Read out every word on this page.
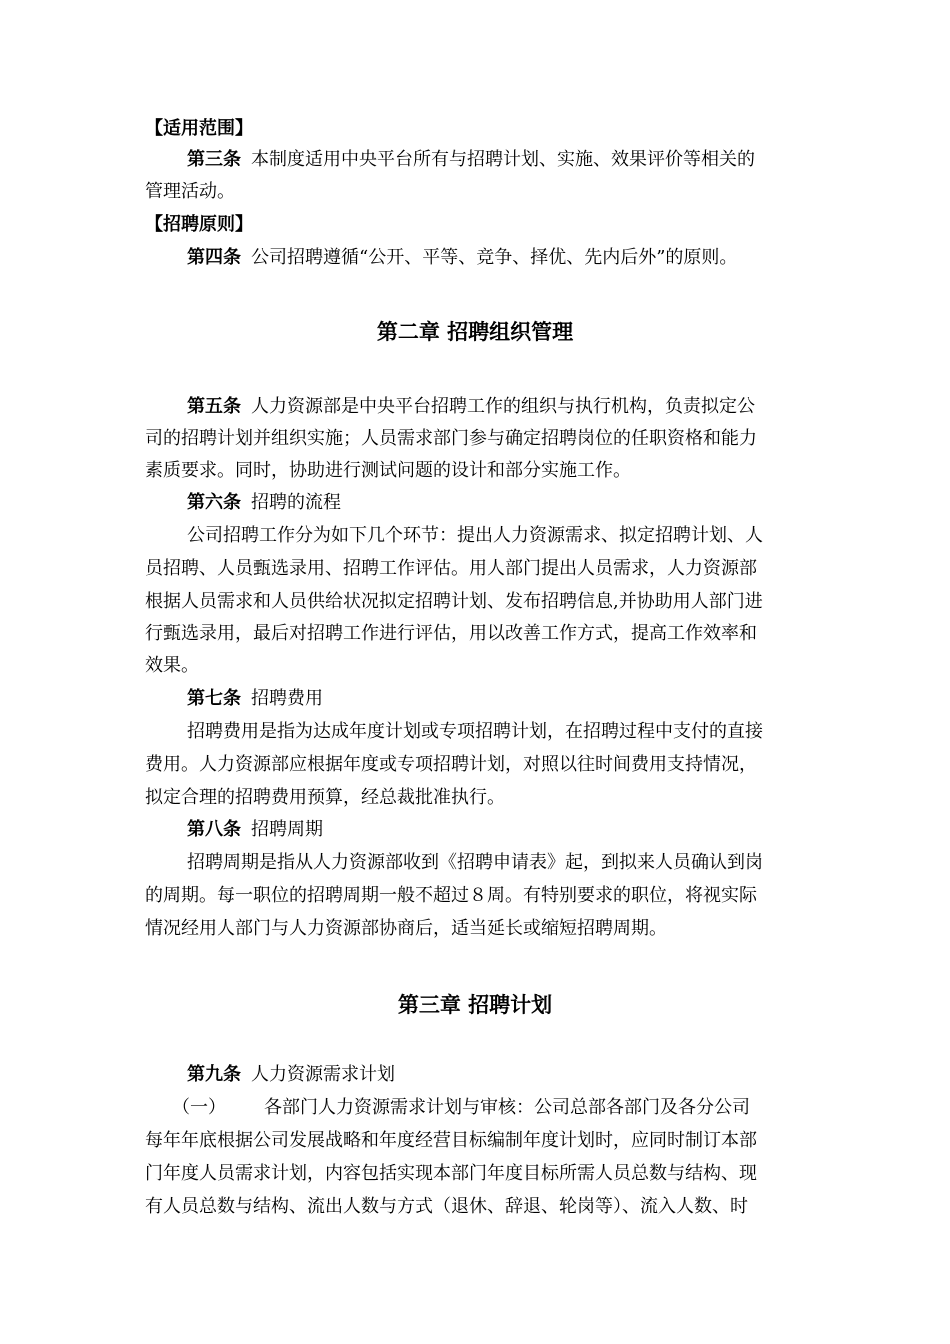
【适用范围】
第三条 本制度适用中央平台所有与招聘计划、实施、效果评价等相关的
管理活动。
【招聘原则】
第四条 公司招聘遵循“公开、平等、竞争、择优、先内后外”的原则。
第二章 招聘组织管理
第五条 人力资源部是中央平台招聘工作的组织与执行机构，负责拟定公
司的招聘计划并组织实施；人员需求部门参与确定招聘岗位的任职资格和能力
素质要求。同时，协助进行测试问题的设计和部分实施工作。
第六条 招聘的流程
公司招聘工作分为如下几个环节：提出人力资源需求、拟定招聘计划、人
员招聘、人员甄选录用、招聘工作评估。用人部门提出人员需求，人力资源部
根据人员需求和人员供给状况拟定招聘计划、发布招聘信息,并协助用人部门进
行甄选录用，最后对招聘工作进行评估，用以改善工作方式，提高工作效率和
效果。
第七条 招聘费用
招聘费用是指为达成年度计划或专项招聘计划，在招聘过程中支付的直接
费用。人力资源部应根据年度或专项招聘计划，对照以往时间费用支持情况，
拟定合理的招聘费用预算，经总裁批准执行。
第八条 招聘周期
招聘周期是指从人力资源部收到《招聘申请表》起，到拟来人员确认到岗
的周期。每一职位的招聘周期一般不超过８周。有特别要求的职位，将视实际
情况经用人部门与人力资源部协商后，适当延长或缩短招聘周期。
第三章 招聘计划
第九条 人力资源需求计划
（一） 各部门人力资源需求计划与审核：公司总部各部门及各分公司
每年年底根据公司发展战略和年度经营目标编制年度计划时，应同时制订本部
门年度人员需求计划，内容包括实现本部门年度目标所需人员总数与结构、现
有人员总数与结构、流出人数与方式（退休、辞退、轮岗等）、流入人数、时
